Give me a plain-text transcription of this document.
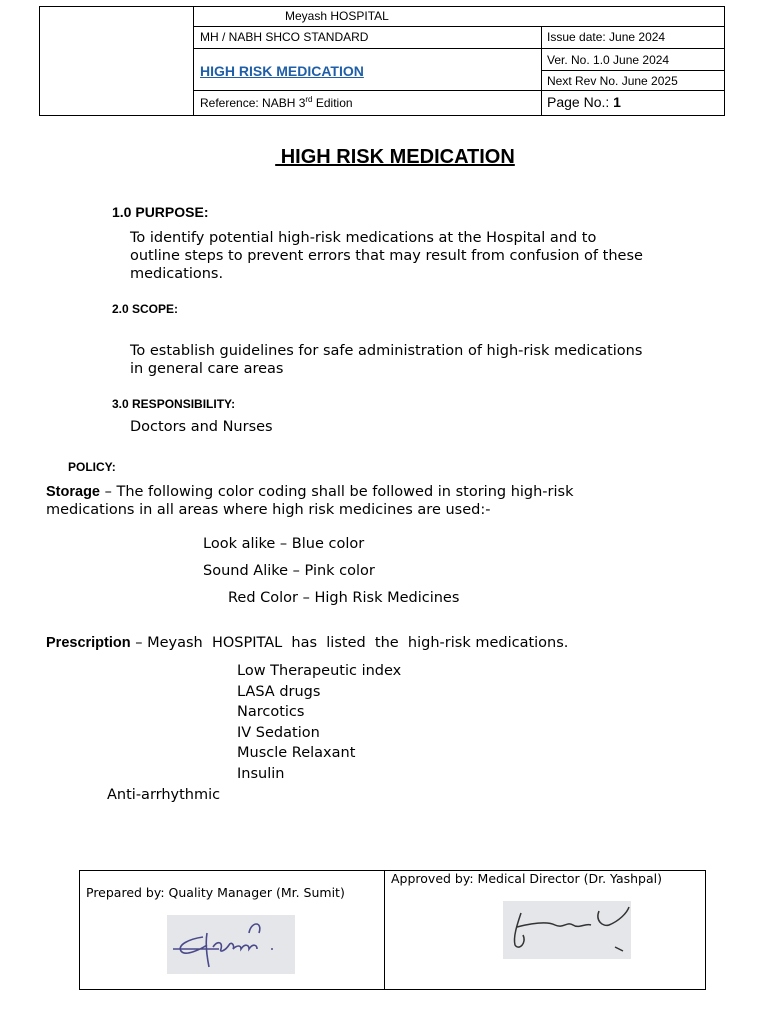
Meyash HOSPITAL
MH / NABH SHCO STANDARD	Issue date: June 2024
HIGH RISK MEDICATION
Ver. No. 1.0 June 2024
Next Rev No. June 2025
Reference: NABH 3rd Edition	Page No.: 1
HIGH RISK MEDICATION
1.0 PURPOSE:
To identify potential high-risk medications at the Hospital and to
outline steps to prevent errors that may result from confusion of these
medications.
2.0 SCOPE:
To establish guidelines for safe administration of high-risk medications
in general care areas
3.0 RESPONSIBILITY:
Doctors and Nurses
POLICY:
Storage – The following color coding shall be followed in storing high-risk
medications in all areas where high risk medicines are used:-
Look alike – Blue color
Sound Alike – Pink color
Red Color – High Risk Medicines
Prescription – Meyash  HOSPITAL  has  listed  the  high-risk medications.
Low Therapeutic index
LASA drugs
Narcotics
IV Sedation
Muscle Relaxant
Insulin
Anti-arrhythmic
Prepared by: Quality Manager (Mr. Sumit)
Approved by: Medical Director (Dr. Yashpal)
